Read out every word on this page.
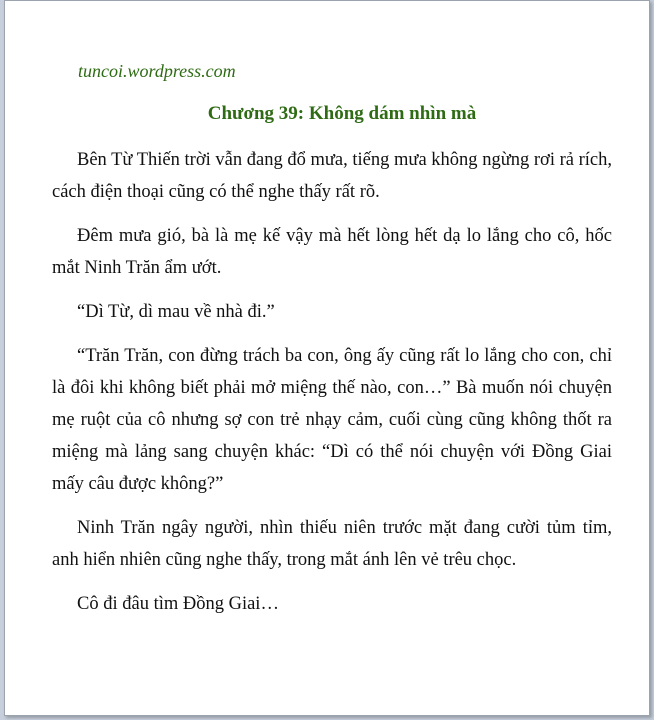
tuncoi.wordpress.com
Chương 39: Không dám nhìn mà

Bên Từ Thiến trời vẫn đang đổ mưa, tiếng mưa không ngừng rơi rả rích, cách điện thoại cũng có thể nghe thấy rất rõ.

Đêm mưa gió, bà là mẹ kế vậy mà hết lòng hết dạ lo lắng cho cô, hốc mắt Ninh Trăn ẩm ướt.

“Dì Từ, dì mau về nhà đi.”

“Trăn Trăn, con đừng trách ba con, ông ấy cũng rất lo lắng cho con, chỉ là đôi khi không biết phải mở miệng thế nào, con…” Bà muốn nói chuyện mẹ ruột của cô nhưng sợ con trẻ nhạy cảm, cuối cùng cũng không thốt ra miệng mà lảng sang chuyện khác: “Dì có thể nói chuyện với Đồng Giai mấy câu được không?”

Ninh Trăn ngây người, nhìn thiếu niên trước mặt đang cười tủm tỉm, anh hiển nhiên cũng nghe thấy, trong mắt ánh lên vẻ trêu chọc.

Cô đi đâu tìm Đồng Giai…
